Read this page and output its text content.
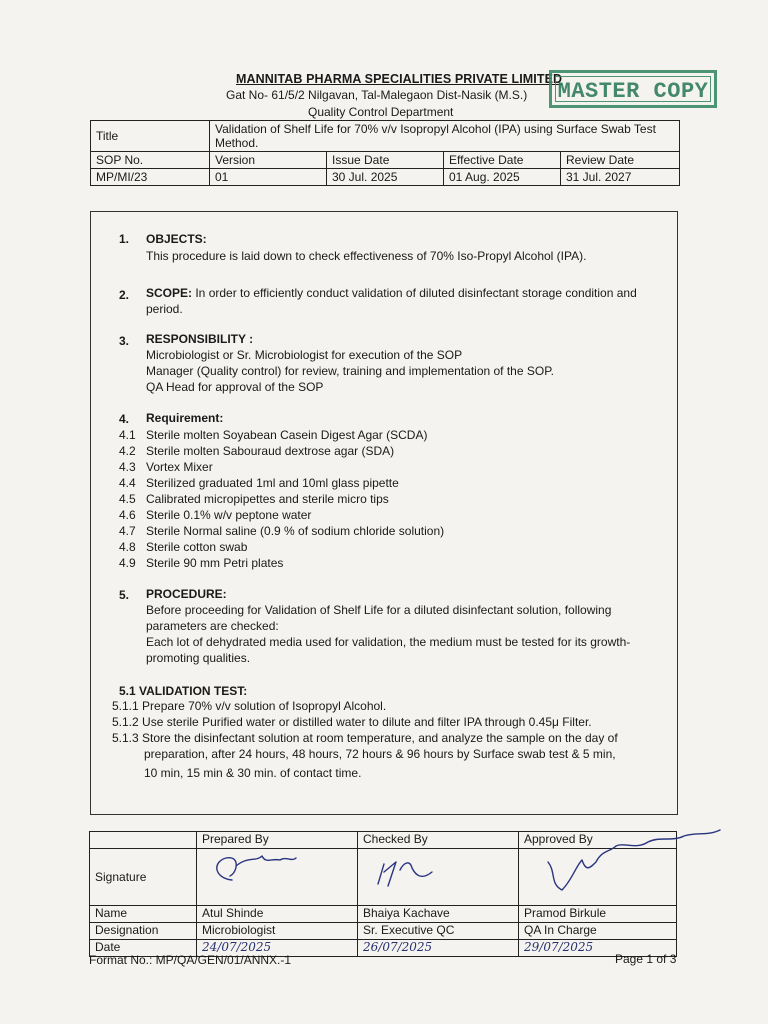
MANNITAB PHARMA SPECIALITIES PRIVATE LIMITED
Gat No- 61/5/2 Nilgavan, Tal-Malegaon Dist-Nasik (M.S.)
Quality Control Department
MASTER COPY
Title	Validation of Shelf Life for 70% v/v Isopropyl Alcohol (IPA) using Surface Swab Test Method.			
SOP No.	Version	Issue Date	Effective Date	Review Date
MP/MI/23	01	30 Jul. 2025	01 Aug. 2025	31 Jul. 2027
1. OBJECTS:
This procedure is laid down to check effectiveness of 70% Iso-Propyl Alcohol (IPA).
2. SCOPE: In order to efficiently conduct validation of diluted disinfectant storage condition and
period.
3. RESPONSIBILITY :
Microbiologist or Sr. Microbiologist for execution of the SOP
Manager (Quality control) for review, training and implementation of the SOP.
QA Head for approval of the SOP
4. Requirement:
4.1 Sterile molten Soyabean Casein Digest Agar (SCDA)
4.2 Sterile molten Sabouraud dextrose agar (SDA)
4.3 Vortex Mixer
4.4 Sterilized graduated 1ml and 10ml glass pipette
4.5 Calibrated micropipettes and sterile micro tips
4.6 Sterile 0.1% w/v peptone water
4.7 Sterile Normal saline (0.9 % of sodium chloride solution)
4.8 Sterile cotton swab
4.9 Sterile 90 mm Petri plates
5. PROCEDURE:
Before proceeding for Validation of Shelf Life for a diluted disinfectant solution, following
parameters are checked:
Each lot of dehydrated media used for validation, the medium must be tested for its growth-
promoting qualities.
5.1 VALIDATION TEST:
5.1.1 Prepare 70% v/v solution of Isopropyl Alcohol.
5.1.2 Use sterile Purified water or distilled water to dilute and filter IPA through 0.45μ Filter.
5.1.3 Store the disinfectant solution at room temperature, and analyze the sample on the day of
preparation, after 24 hours, 48 hours, 72 hours & 96 hours by Surface swab test & 5 min,
10 min, 15 min & 30 min. of contact time.
	Prepared By	Checked By	Approved By
Signature			
Name	Atul Shinde	Bhaiya Kachave	Pramod Birkule
Designation	Microbiologist	Sr. Executive QC	QA In Charge
Date	24/07/2025	26/07/2025	29/07/2025
Format No.: MP/QA/GEN/01/ANNX.-1	Page 1 of 3
